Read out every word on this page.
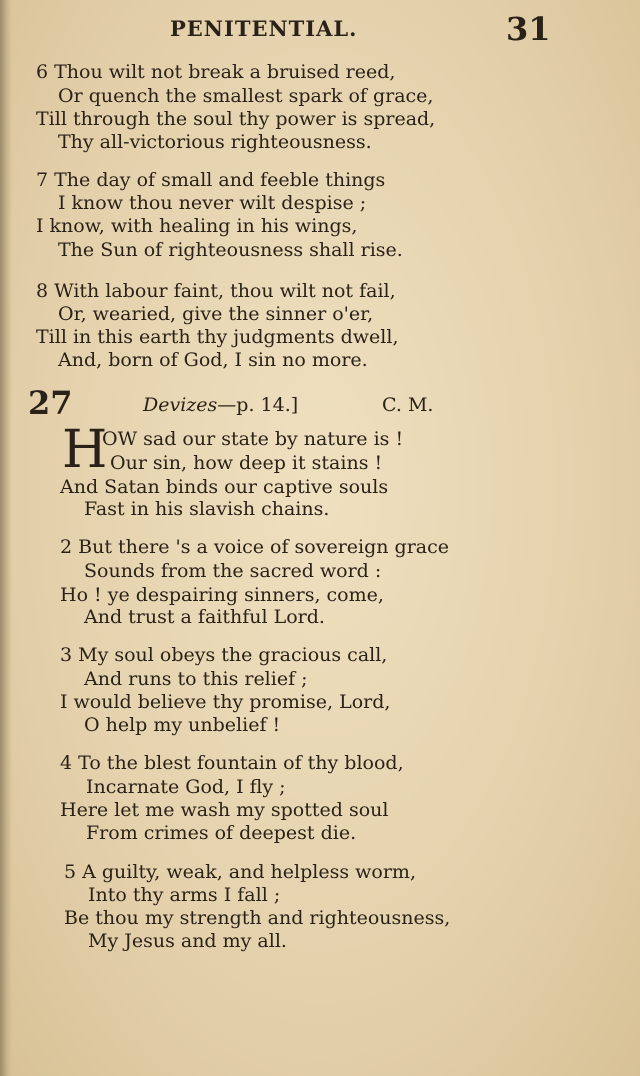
PENITENTIAL.	31
6 Thou wilt not break a bruised reed,
Or quench the smallest spark of grace,
Till through the soul thy power is spread,
Thy all-victorious righteousness.
7 The day of small and feeble things
I know thou never wilt despise ;
I know, with healing in his wings,
The Sun of righteousness shall rise.
8 With labour faint, thou wilt not fail,
Or, wearied, give the sinner o'er,
Till in this earth thy judgments dwell,
And, born of God, I sin no more.
27	Devizes—p. 14.]	C. M.
H
OW sad our state by nature is !
Our sin, how deep it stains !
And Satan binds our captive souls
Fast in his slavish chains.
2 But there 's a voice of sovereign grace
Sounds from the sacred word :
Ho ! ye despairing sinners, come,
And trust a faithful Lord.
3 My soul obeys the gracious call,
And runs to this relief ;
I would believe thy promise, Lord,
O help my unbelief !
4 To the blest fountain of thy blood,
Incarnate God, I fly ;
Here let me wash my spotted soul
From crimes of deepest die.
5 A guilty, weak, and helpless worm,
Into thy arms I fall ;
Be thou my strength and righteousness,
My Jesus and my all.
